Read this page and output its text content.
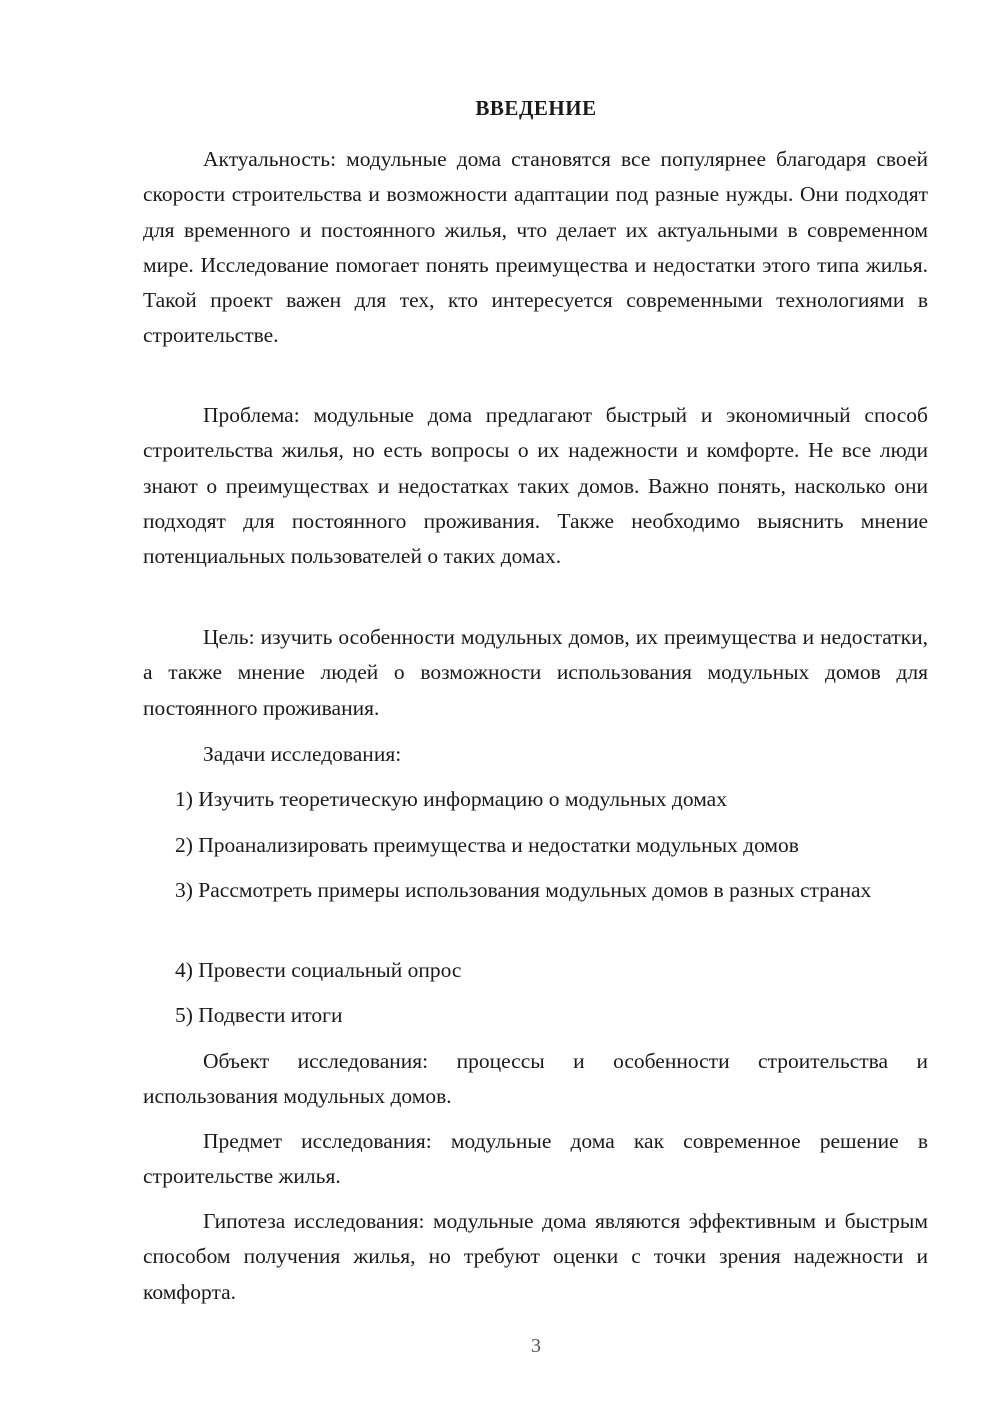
ВВЕДЕНИЕ

Актуальность: модульные дома становятся все популярнее благодаря своей скорости строительства и возможности адаптации под разные нужды. Они подходят для временного и постоянного жилья, что делает их актуальными в современном мире. Исследование помогает понять преимущества и недостатки этого типа жилья. Такой проект важен для тех, кто интересуется современными технологиями в строительстве.

Проблема: модульные дома предлагают быстрый и экономичный способ строительства жилья, но есть вопросы о их надежности и комфорте. Не все люди знают о преимуществах и недостатках таких домов. Важно понять, насколько они подходят для постоянного проживания. Также необходимо выяснить мнение потенциальных пользователей о таких домах.

Цель: изучить особенности модульных домов, их преимущества и недостатки, а также мнение людей о возможности использования модульных домов для постоянного проживания.

Задачи исследования:

1) Изучить теоретическую информацию о модульных домах

2) Проанализировать преимущества и недостатки модульных домов

3) Рассмотреть примеры использования модульных домов в разных странах

4) Провести социальный опрос

5) Подвести итоги

Объект исследования: процессы и особенности строительства и использования модульных домов.

Предмет исследования: модульные дома как современное решение в строительстве жилья.

Гипотеза исследования: модульные дома являются эффективным и быстрым способом получения жилья, но требуют оценки с точки зрения надежности и комфорта.

3
